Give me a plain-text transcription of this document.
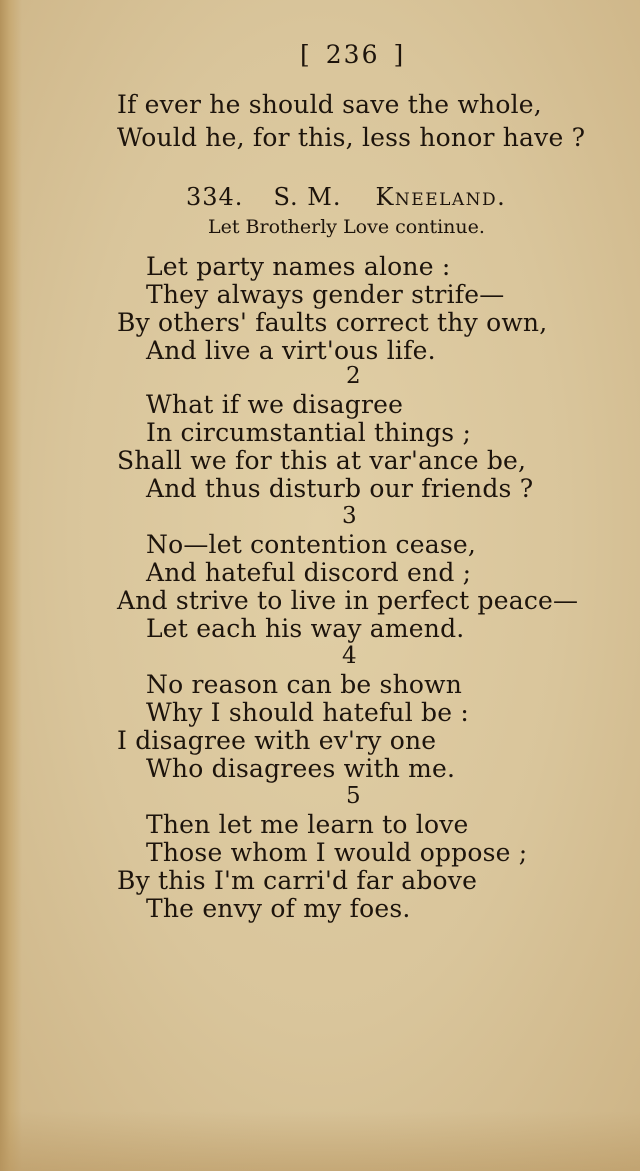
[ 236 ]
If ever he should save the whole,
Would he, for this, less honor have ?
334. S. M. Kneeland.
Let Brotherly Love continue.
Let party names alone :
They always gender strife—
By others' faults correct thy own,
And live a virt'ous life.
2
What if we disagree
In circumstantial things ;
Shall we for this at var'ance be,
And thus disturb our friends ?
3
No—let contention cease,
And hateful discord end ;
And strive to live in perfect peace—
Let each his way amend.
4
No reason can be shown
Why I should hateful be :
I disagree with ev'ry one
Who disagrees with me.
5
Then let me learn to love
Those whom I would oppose ;
By this I'm carri'd far above
The envy of my foes.
